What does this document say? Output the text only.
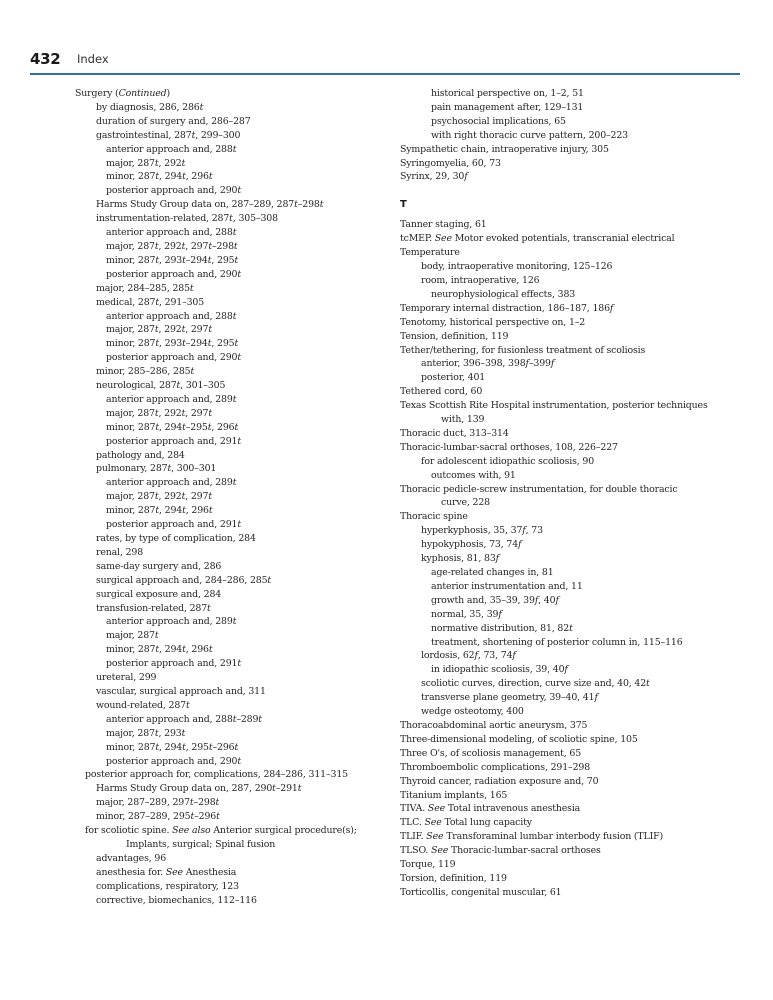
432 Index
Surgery (Continued)
by diagnosis, 286, 286t
duration of surgery and, 286–287
gastrointestinal, 287t, 299–300
anterior approach and, 288t
major, 287t, 292t
minor, 287t, 294t, 296t
posterior approach and, 290t
Harms Study Group data on, 287–289, 287t–298t
instrumentation-related, 287t, 305–308
anterior approach and, 288t
major, 287t, 292t, 297t–298t
minor, 287t, 293t–294t, 295t
posterior approach and, 290t
major, 284–285, 285t
medical, 287t, 291–305
anterior approach and, 288t
major, 287t, 292t, 297t
minor, 287t, 293t–294t, 295t
posterior approach and, 290t
minor, 285–286, 285t
neurological, 287t, 301–305
anterior approach and, 289t
major, 287t, 292t, 297t
minor, 287t, 294t–295t, 296t
posterior approach and, 291t
pathology and, 284
pulmonary, 287t, 300–301
anterior approach and, 289t
major, 287t, 292t, 297t
minor, 287t, 294t, 296t
posterior approach and, 291t
rates, by type of complication, 284
renal, 298
same-day surgery and, 286
surgical approach and, 284–286, 285t
surgical exposure and, 284
transfusion-related, 287t
anterior approach and, 289t
major, 287t
minor, 287t, 294t, 296t
posterior approach and, 291t
ureteral, 299
vascular, surgical approach and, 311
wound-related, 287t
anterior approach and, 288t–289t
major, 287t, 293t
minor, 287t, 294t, 295t–296t
posterior approach and, 290t
posterior approach for, complications, 284–286, 311–315
Harms Study Group data on, 287, 290t–291t
major, 287–289, 297t–298t
minor, 287–289, 295t–296t
for scoliotic spine. See also Anterior surgical procedure(s);
Implants, surgical; Spinal fusion
advantages, 96
anesthesia for. See Anesthesia
complications, respiratory, 123
corrective, biomechanics, 112–116
historical perspective on, 1–2, 51
pain management after, 129–131
psychosocial implications, 65
with right thoracic curve pattern, 200–223
Sympathetic chain, intraoperative injury, 305
Syringomyelia, 60, 73
Syrinx, 29, 30f
T
Tanner staging, 61
tcMEP. See Motor evoked potentials, transcranial electrical
Temperature
body, intraoperative monitoring, 125–126
room, intraoperative, 126
neurophysiological effects, 383
Temporary internal distraction, 186–187, 186f
Tenotomy, historical perspective on, 1–2
Tension, definition, 119
Tether/tethering, for fusionless treatment of scoliosis
anterior, 396–398, 398f–399f
posterior, 401
Tethered cord, 60
Texas Scottish Rite Hospital instrumentation, posterior techniques
with, 139
Thoracic duct, 313–314
Thoracic-lumbar-sacral orthoses, 108, 226–227
for adolescent idiopathic scoliosis, 90
outcomes with, 91
Thoracic pedicle-screw instrumentation, for double thoracic
curve, 228
Thoracic spine
hyperkyphosis, 35, 37f, 73
hypokyphosis, 73, 74f
kyphosis, 81, 83f
age-related changes in, 81
anterior instrumentation and, 11
growth and, 35–39, 39f, 40f
normal, 35, 39f
normative distribution, 81, 82t
treatment, shortening of posterior column in, 115–116
lordosis, 62f, 73, 74f
in idiopathic scoliosis, 39, 40f
scoliotic curves, direction, curve size and, 40, 42t
transverse plane geometry, 39–40, 41f
wedge osteotomy, 400
Thoracoabdominal aortic aneurysm, 375
Three-dimensional modeling, of scoliotic spine, 105
Three O's, of scoliosis management, 65
Thromboembolic complications, 291–298
Thyroid cancer, radiation exposure and, 70
Titanium implants, 165
TIVA. See Total intravenous anesthesia
TLC. See Total lung capacity
TLIF. See Transforaminal lumbar interbody fusion (TLIF)
TLSO. See Thoracic-lumbar-sacral orthoses
Torque, 119
Torsion, definition, 119
Torticollis, congenital muscular, 61
